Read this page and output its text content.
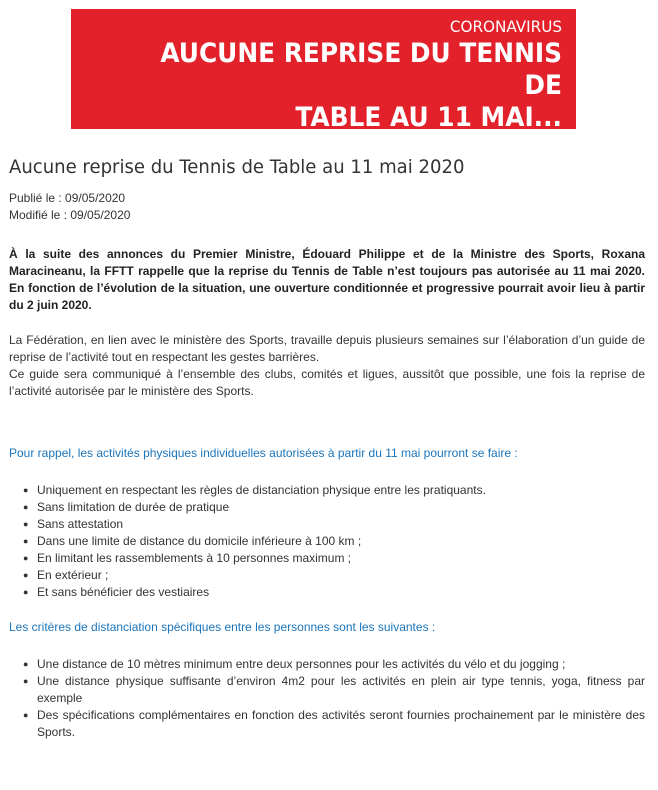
CORONAVIRUS
AUCUNE REPRISE DU TENNIS DE
TABLE AU 11 MAI...
09/05/2020
Aucune reprise du Tennis de Table au 11 mai 2020
Publié le : 09/05/2020
Modifié le : 09/05/2020

À la suite des annonces du Premier Ministre, Édouard Philippe et de la Ministre des Sports, Roxana Maracineanu, la FFTT rappelle que la reprise du Tennis de Table n’est toujours pas autorisée au 11 mai 2020. En fonction de l’évolution de la situation, une ouverture conditionnée et progressive pourrait avoir lieu à partir du 2 juin 2020.

La Fédération, en lien avec le ministère des Sports, travaille depuis plusieurs semaines sur l’élaboration d’un guide de reprise de l’activité tout en respectant les gestes barrières.

Ce guide sera communiqué à l’ensemble des clubs, comités et ligues, aussitôt que possible, une fois la reprise de l’activité autorisée par le ministère des Sports.

Pour rappel, les activités physiques individuelles autorisées à partir du 11 mai pourront se faire :

● Uniquement en respectant les règles de distanciation physique entre les pratiquants.
● Sans limitation de durée de pratique
● Sans attestation
● Dans une limite de distance du domicile inférieure à 100 km ;
● En limitant les rassemblements à 10 personnes maximum ;
● En extérieur ;
● Et sans bénéficier des vestiaires

Les critères de distanciation spécifiques entre les personnes sont les suivantes :

● Une distance de 10 mètres minimum entre deux personnes pour les activités du vélo et du jogging ;
● Une distance physique suffisante d’environ 4m2 pour les activités en plein air type tennis, yoga, fitness par exemple
● Des spécifications complémentaires en fonction des activités seront fournies prochainement par le ministère des Sports.
